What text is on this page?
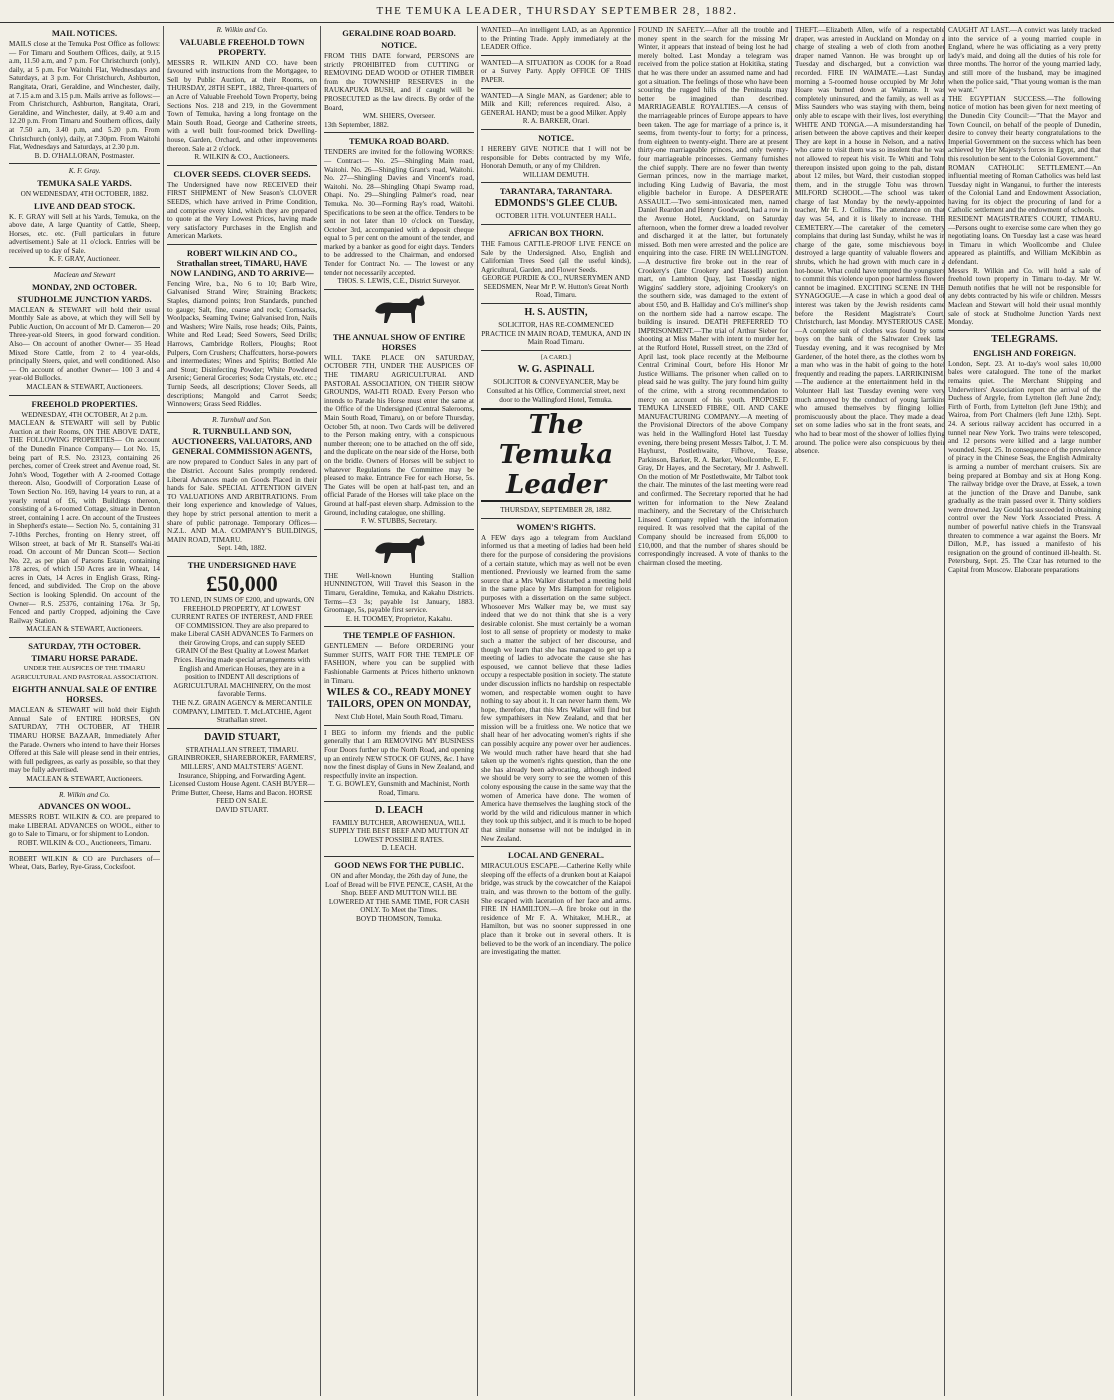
THE TEMUKA LEADER, THURSDAY SEPTEMBER 28, 1882.
MAIL NOTICES.
MAILS close at the Temuka Post Office as follows:— For Timaru and Southern Offices, daily, at 9.15 a.m, 11.50 a.m, and 7 p.m. For Christchurch (only), daily, at 5 p.m. For Waitohi Flat, Wednesdays and Saturdays, at 3 p.m. For Christchurch, Ashburton, Rangitata, Orari, Geraldine, and Winchester, daily, at 7.15 a.m and 3.15 p.m. Mails arrive as follows:— From Christchurch, Ashburton, Rangitata, Orari, Geraldine, and Winchester, daily, at 9.40 a.m and 12.20 p.m. From Timaru and Southern offices, daily at 7.50 a.m, 3.40 p.m, and 5.20 p.m. From Christchurch (only), daily, at 7.30pm. From Waitohi Flat, Wednesdays and Saturdays, at 2.30 p.m.
B. D. O'HALLORAN, Postmaster.
K. F. Gray.
TEMUKA SALE YARDS.
ON WEDNESDAY, 4TH OCTOBER, 1882.
LIVE AND DEAD STOCK.
K. F. GRAY will Sell at his Yards, Temuka, on the above date, A large Quantity of Cattle, Sheep, Horses, etc. etc. (Full particulars in future advertisement.) Sale at 11 o'clock. Entries will be received up to day of Sale.
K. F. GRAY, Auctioneer.
Maclean and Stewart
MONDAY, 2ND OCTOBER.
STUDHOLME JUNCTION YARDS.
MACLEAN & STEWART will hold their usual Monthly Sale as above, at which they will Sell by Public Auction, On account of Mr D. Cameron— 20 Three-year-old Steers, in good forward condition. Also— On account of another Owner— 35 Head Mixed Store Cattle, from 2 to 4 year-olds, principally Steers, quiet, and well conditioned. Also— On account of another Owner— 100 3 and 4 year-old Bullocks.
MACLEAN & STEWART, Auctioneers.
FREEHOLD PROPERTIES.
WEDNESDAY, 4TH OCTOBER, At 2 p.m.
MACLEAN & STEWART will sell by Public Auction at their Rooms, ON THE ABOVE DATE, THE FOLLOWING PROPERTIES— On account of the Dunedin Finance Company— Lot No. 15, being part of R.S. No. 23123, containing 26 perches, corner of Creek street and Avenue road, St. John's Wood, Together with A 2-roomed Cottage thereon. Also, Goodwill of Corporation Lease of Town Section No. 169, having 14 years to run, at a yearly rental of £6, with Buildings thereon, consisting of a 6-roomed Cottage, situate in Denton street, containing 1 acre. On account of the Trustees in Shepherd's estate— Section No. 5, containing 31 7-10ths Perches, fronting on Henry street, off Wilson street, at back of Mr R. Stansell's Wai-iti road. On account of Mr Duncan Scott— Section No. 22, as per plan of Parsons Estate, containing 178 acres, of which 150 Acres are in Wheat, 14 acres in Oats, 14 Acres in English Grass, Ring-fenced, and subdivided. The Crop on the above Section is looking Splendid. On account of the Owner— R.S. 25376, containing 176a. 3r 5p, Fenced and partly Cropped, adjoining the Cave Railway Station.
MACLEAN & STEWART, Auctioneers.
SATURDAY, 7TH OCTOBER.
TIMARU HORSE PARADE.
UNDER THE AUSPICES OF THE TIMARU AGRICULTURAL AND PASTORAL ASSOCIATION.
EIGHTH ANNUAL SALE OF ENTIRE HORSES.
MACLEAN & STEWART will hold their Eighth Annual Sale of ENTIRE HORSES, ON SATURDAY, 7TH OCTOBER, AT THEIR TIMARU HORSE BAZAAR, Immediately After the Parade. Owners who intend to have their Horses Offered at this Sale will please send in their entries, with full pedigrees, as early as possible, so that they may be fully advertised.
MACLEAN & STEWART, Auctioneers.
R. Wilkin and Co.
ADVANCES ON WOOL.
MESSRS ROBT. WILKIN & CO. are prepared to make LIBERAL ADVANCES on WOOL, either to go to Sale to Timaru, or for shipment to London.
ROBT. WILKIN & CO., Auctioneers, Timaru.
ROBERT WILKIN & CO are Purchasers of— Wheat, Oats, Barley, Rye-Grass, Cocksfoot.
R. Wilkin and Co.
VALUABLE FREEHOLD TOWN PROPERTY.
MESSRS R. WILKIN AND CO. have been favoured with instructions from the Mortgagee, to Sell by Public Auction, at their Rooms, on THURSDAY, 28TH SEPT., 1882, Three-quarters of an Acre of Valuable Freehold Town Property, being Sections Nos. 218 and 219, in the Government Town of Temuka, having a long frontage on the Main South Road, George and Catherine streets, with a well built four-roomed brick Dwelling-house, Garden, Orchard, and other improvements thereon. Sale at 2 o'clock.
R. WILKIN & CO., Auctioneers.
CLOVER SEEDS. CLOVER SEEDS.
The Undersigned have now RECEIVED their FIRST SHIPMENT of New Season's CLOVER SEEDS, which have arrived in Prime Condition, and comprise every kind, which they are prepared to quote at the Very Lowest Prices, having made very satisfactory Purchases in the English and American Markets.
ROBERT WILKIN AND CO., Strathallan street, TIMARU, HAVE NOW LANDING, AND TO ARRIVE—
Fencing Wire, b.a., No 6 to 10; Barb Wire, Galvanised Strand Wire; Straining Brackets; Staples, diamond points; Iron Standards, punched to gauge; Salt, fine, coarse and rock; Cornsacks, Woolpacks, Seaming Twine; Galvanised Iron, Nails and Washers; Wire Nails, rose heads; Oils, Paints, White and Red Lead; Seed Sowers, Seed Drills; Harrows, Cambridge Rollers, Ploughs; Root Pulpers, Corn Crushers; Chaffcutters, horse-powers and intermediates; Wines and Spirits; Bottled Ale and Stout; Disinfecting Powder; White Powdered Arsenic; General Groceries; Soda Crystals, etc. etc.; Turnip Seeds, all descriptions; Clover Seeds, all descriptions; Mangold and Carrot Seeds; Winnowers; Grass Seed Riddles.
R. Turnbull and Son.
R. TURNBULL AND SON, AUCTIONEERS, VALUATORS, AND GENERAL COMMISSION AGENTS,
are now prepared to Conduct Sales in any part of the District. Account Sales promptly rendered. Liberal Advances made on Goods Placed in their hands for Sale. SPECIAL ATTENTION GIVEN TO VALUATIONS AND ARBITRATIONS. From their long experience and knowledge of Values, they hope by strict personal attention to merit a share of public patronage. Temporary Offices— N.Z.L. AND M.A. COMPANY'S BUILDINGS, MAIN ROAD, TIMARU.
Sept. 14th, 1882.
THE UNDERSIGNED HAVE
£50,000
TO LEND, IN SUMS OF £200, and upwards, ON FREEHOLD PROPERTY, AT LOWEST CURRENT RATES OF INTEREST, AND FREE OF COMMISSION. They are also prepared to make Liberal CASH ADVANCES To Farmers on their Growing Crops, and can supply SEED GRAIN Of the Best Quality at Lowest Market Prices. Having made special arrangements with English and American Houses, they are in a position to INDENT All descriptions of AGRICULTURAL MACHINERY, On the most favorable Terms.
THE N.Z. GRAIN AGENCY & MERCANTILE COMPANY, LIMITED. T. McLATCHIE, Agent Strathallan street.
DAVID STUART,
STRATHALLAN STREET, TIMARU. GRAINBROKER, SHAREBROKER, FARMERS', MILLERS', AND MALTSTERS' AGENT. Insurance, Shipping, and Forwarding Agent. Licensed Custom House Agent. CASH BUYER—Prime Butter, Cheese, Hams and Bacon. HORSE FEED ON SALE.
DAVID STUART.
GERALDINE ROAD BOARD.
NOTICE.
FROM THIS DATE forward, PERSONS are strictly PROHIBITED from CUTTING or REMOVING DEAD WOOD or OTHER TIMBER from the TOWNSHIP RESERVES in the RAUKAPUKA BUSH, and if caught will be PROSECUTED as the law directs. By order of the Board,
WM. SHIERS, Overseer.
13th September, 1882.
TEMUKA ROAD BOARD.
TENDERS are invited for the following WORKS:— Contract— No. 25—Shingling Main road, Waitohi. No. 26—Shingling Grant's road, Waitohi. No. 27—Shingling Davies and Vincent's road, Waitohi. No. 28—Shingling Ohapi Swamp road, Ohapi. No. 29—Shingling Palmer's road, near Temuka. No. 30—Forming Ray's road, Waitohi. Specifications to be seen at the office. Tenders to be sent in not later than 10 o'clock on Tuesday, October 3rd, accompanied with a deposit cheque equal to 5 per cent on the amount of the tender, and marked by a banker as good for eight days. Tenders to be addressed to the Chairman, and endorsed Tender for Contract No. — The lowest or any tender not necessarily accepted.
THOS. S. LEWIS, C.E., District Surveyor.
THE ANNUAL SHOW OF ENTIRE HORSES
WILL TAKE PLACE ON SATURDAY, OCTOBER 7TH, UNDER THE AUSPICES OF THE TIMARU AGRICULTURAL AND PASTORAL ASSOCIATION, ON THEIR SHOW GROUNDS, WAI-ITI ROAD. Every Person who intends to Parade his Horse must enter the same at the Office of the Undersigned (Central Salerooms, Main South Road, Timaru), on or before Thursday, October 5th, at noon. Two Cards will be delivered to the Person making entry, with a conspicuous number thereon; one to be attached on the off side, and the duplicate on the near side of the Horse, both on the bridle. Owners of Horses will be subject to whatever Regulations the Committee may be pleased to make. Entrance Fee for each Horse, 5s. The Gates will be open at half-past ten, and an official Parade of the Horses will take place on the Ground at half-past eleven sharp. Admission to the Ground, including catalogue, one shilling.
F. W. STUBBS, Secretary.
THE Well-known Hunting Stallion HUNNINGTON, Will Travel this Season in the Timaru, Geraldine, Temuka, and Kakahu Districts. Terms—£3 3s; payable 1st January, 1883. Groomage, 5s, payable first service.
E. H. TOOMEY, Proprietor, Kakahu.
THE TEMPLE OF FASHION.
GENTLEMEN — Before ORDERING your Summer SUITS, WAIT FOR THE TEMPLE OF FASHION, where you can be supplied with Fashionable Garments at Prices hitherto unknown in Timaru.
WILES & CO., READY MONEY TAILORS, OPEN ON MONDAY,
Next Club Hotel, Main South Road, Timaru.
I BEG to inform my friends and the public generally that I am REMOVING MY BUSINESS Four Doors further up the North Road, and opening up an entirely NEW STOCK OF GUNS, &c. I have now the finest display of Guns in New Zealand, and respectfully invite an inspection.
T. G. BOWLEY, Gunsmith and Machinist, North Road, Timaru.
D. LEACH
FAMILY BUTCHER, AROWHENUA, WILL SUPPLY THE BEST BEEF AND MUTTON AT LOWEST POSSIBLE RATES.
D. LEACH.
GOOD NEWS FOR THE PUBLIC.
ON and after Monday, the 26th day of June, the Loaf of Bread will be FIVE PENCE, CASH, At the Shop. BEEF AND MUTTON WILL BE LOWERED AT THE SAME TIME, FOR CASH ONLY. To Meet the Times.
BOYD THOMSON, Temuka.
WANTED—An intelligent LAD, as an Apprentice to the Printing Trade. Apply immediately at the LEADER Office.
WANTED—A SITUATION as COOK for a Road or a Survey Party. Apply OFFICE OF THIS PAPER.
WANTED—A Single MAN, as Gardener; able to Milk and Kill; references required. Also, a GENERAL HAND; must be a good Milker. Apply
R. A. BARKER, Orari.
NOTICE.
I HEREBY GIVE NOTICE that I will not be responsible for Debts contracted by my Wife, Honorah Demuth, or any of my Children.
WILLIAM DEMUTH.
TARANTARA, TARANTARA.
EDMONDS'S GLEE CLUB.
OCTOBER 11TH. VOLUNTEER HALL.
AFRICAN BOX THORN.
THE Famous CATTLE-PROOF LIVE FENCE on Sale by the Undersigned. Also, English and Californian Trees Seed (all the useful kinds), Agricultural, Garden, and Flower Seeds.
GEORGE PURDIE & CO., NURSERYMEN AND SEEDSMEN, Near Mr P. W. Hutton's Great North Road, Timaru.
H. S. AUSTIN,
SOLICITOR, HAS RE-COMMENCED PRACTICE IN MAIN ROAD, TEMUKA, AND IN Main Road Timaru.
[A CARD.]
W. G. ASPINALL
SOLICITOR & CONVEYANCER, May be Consulted at his Office, Commercial street, next door to the Wallingford Hotel, Temuka.
The Temuka Leader
THURSDAY, SEPTEMBER 28, 1882.
WOMEN'S RIGHTS.
A FEW days ago a telegram from Auckland informed us that a meeting of ladies had been held there for the purpose of considering the provisions of a certain statute, which may as well not be even mentioned. Previously we learned from the same source that a Mrs Walker disturbed a meeting held in the same place by Mrs Hampton for religious purposes with a dissertation on the same subject. Whosoever Mrs Walker may be, we must say indeed that we do not think that she is a very desirable colonist. She must certainly be a woman lost to all sense of propriety or modesty to make such a matter the subject of her discourse, and though we learn that she has managed to get up a meeting of ladies to advocate the cause she has espoused, we cannot believe that these ladies occupy a respectable position in society. The statute under discussion inflicts no hardship on respectable women, and respectable women ought to have nothing to say about it. It can never harm them. We hope, therefore, that this Mrs Walker will find but few sympathisers in New Zealand, and that her mission will be a fruitless one. We notice that we shall hear of her advocating women's rights if she can possibly acquire any power over her audiences. We would much rather have heard that she had taken up the women's rights question, than the one she has already been advocating, although indeed we should be very sorry to see the women of this colony espousing the cause in the same way that the women of America have done. The women of America have themselves the laughing stock of the world by the wild and ridiculous manner in which they took up this subject, and it is much to be hoped that similar nonsense will not be indulged in in New Zealand.
LOCAL AND GENERAL.
MIRACULOUS ESCAPE.—Catherine Kelly while sleeping off the effects of a drunken bout at Kaiapoi bridge, was struck by the cowcatcher of the Kaiapoi train, and was thrown to the bottom of the gully. She escaped with laceration of her face and arms. FIRE IN HAMILTON.—A fire broke out in the residence of Mr F. A. Whitaker, M.H.R., at Hamilton, but was no sooner suppressed in one place than it broke out in several others. It is believed to be the work of an incendiary. The police are investigating the matter.
FOUND IN SAFETY.—After all the trouble and money spent in the search for the missing Mr Winter, it appears that instead of being lost he had merely bolted. Last Monday a telegram was received from the police station at Hokitika, stating that he was there under an assumed name and had got a situation. The feelings of those who have been scouring the rugged hills of the Peninsula may better be imagined than described. MARRIAGEABLE ROYALTIES.—A census of the marriageable princes of Europe appears to have been taken. The age for marriage of a prince is, it seems, from twenty-four to forty; for a princess, from eighteen to twenty-eight. There are at present thirty-one marriageable princes, and only twenty-four marriageable princesses. Germany furnishes the chief supply. There are no fewer than twenty German princes, now in the marriage market, including King Ludwig of Bavaria, the most eligible bachelor in Europe. A DESPERATE ASSAULT.—Two semi-intoxicated men, named Daniel Reardon and Henry Goodward, had a row in the Avenue Hotel, Auckland, on Saturday afternoon, when the former drew a loaded revolver and discharged it at the latter, but fortunately missed. Both men were arrested and the police are enquiring into the case. FIRE IN WELLINGTON.—A destructive fire broke out in the rear of Crookery's (late Crookery and Hassell) auction mart, on Lambton Quay, last Tuesday night. Wiggins' saddlery store, adjoining Crookery's on the southern side, was damaged to the extent of about £50, and B. Halliday and Co's milliner's shop on the northern side had a narrow escape. The building is insured. DEATH PREFERRED TO IMPRISONMENT.—The trial of Arthur Sieber for shooting at Miss Maher with intent to murder her, at the Rutford Hotel, Russell street, on the 23rd of April last, took place recently at the Melbourne Central Criminal Court, before His Honor Mr Justice Williams. The prisoner when called on to plead said he was guilty. The jury found him guilty of the crime, with a strong recommendation to mercy on account of his youth. PROPOSED TEMUKA LINSEED FIBRE, OIL AND CAKE MANUFACTURING COMPANY.—A meeting of the Provisional Directors of the above Company was held in the Wallingford Hotel last Tuesday evening, there being present Messrs Talbot, J. T. M. Hayhurst, Postlethwaite, Fifhove, Teasse, Parkinson, Barker, R. A. Barker, Woollcombe, E. F. Gray, Dr Hayes, and the Secretary, Mr J. Ashwell. On the motion of Mr Postlethwaite, Mr Talbot took the chair. The minutes of the last meeting were read and confirmed. The Secretary reported that he had written for information to the New Zealand machinery, and the Secretary of the Christchurch Linseed Company replied with the information required. It was resolved that the capital of the Company should be increased from £6,000 to £10,000, and that the number of shares should be correspondingly increased. A vote of thanks to the chairman closed the meeting.
THEFT.—Elizabeth Allen, wife of a respectable draper, was arrested in Auckland on Monday on a charge of stealing a web of cloth from another draper named Vannon. He was brought up on Tuesday and discharged, but a conviction was recorded. FIRE IN WAIMATE.—Last Sunday morning a 5-roomed house occupied by Mr John Hoare was burned down at Waimate. It was completely uninsured, and the family, as well as a Miss Saunders who was staying with them, being only able to escape with their lives, lost everything. WHITE AND TONGA.—A misunderstanding has arisen between the above captives and their keeper. They are kept in a house in Nelson, and a native who came to visit them was so insolent that he was not allowed to repeat his visit. Te Whiti and Tohu thereupon insisted upon going to the pah, distant about 12 miles, but Ward, their custodian stopped them, and in the struggle Tohu was thrown. MILFORD SCHOOL.—The school was taken charge of last Monday by the newly-appointed teacher, Mr E. J. Collins. The attendance on that day was 54, and it is likely to increase. THE CEMETERY.—The caretaker of the cemetery complains that during last Sunday, whilst he was in charge of the gate, some mischievous boys destroyed a large quantity of valuable flowers and shrubs, which he had grown with much care in a hot-house. What could have tempted the youngsters to commit this violence upon poor harmless flowers cannot be imagined. EXCITING SCENE IN THE SYNAGOGUE.—A case in which a good deal of interest was taken by the Jewish residents came before the Resident Magistrate's Court, Christchurch, last Monday. MYSTERIOUS CASE.—A complete suit of clothes was found by some boys on the bank of the Saltwater Creek last Tuesday evening, and it was recognised by Mrs Gardener, of the hotel there, as the clothes worn by a man who was in the habit of going to the hotel frequently and reading the papers. LARRIKINISM.—The audience at the entertainment held in the Volunteer Hall last Tuesday evening were very much annoyed by the conduct of young larrikins who amused themselves by flinging lollies promiscuously about the place. They made a dead set on some ladies who sat in the front seats, and who had to bear most of the shower of lollies flying around. The police were also conspicuous by their absence.
CAUGHT AT LAST.—A convict was lately tracked into the service of a young married couple in England, where he was officiating as a very pretty lady's maid, and doing all the duties of his role for three months. The horror of the young married lady, and still more of the husband, may be imagined when the police said, "That young woman is the man we want."
THE EGYPTIAN SUCCESS.—The following notice of motion has been given for next meeting of the Dunedin City Council:—"That the Mayor and Town Council, on behalf of the people of Dunedin, desire to convey their hearty congratulations to the Imperial Government on the success which has been achieved by Her Majesty's forces in Egypt, and that this resolution be sent to the Colonial Government."
ROMAN CATHOLIC SETTLEMENT.—An influential meeting of Roman Catholics was held last Tuesday night in Wanganui, to further the interests of the Colonial Land and Endowment Association, having for its object the procuring of land for a Catholic settlement and the endowment of schools.
RESIDENT MAGISTRATE'S COURT, TIMARU.—Persons ought to exercise some care when they go negotiating loans. On Tuesday last a case was heard in Timaru in which Woollcombe and Clulee appeared as plaintiffs, and William McKibbin as defendant.
Messrs R. Wilkin and Co. will hold a sale of freehold town property in Timaru to-day. Mr W. Demuth notifies that he will not be responsible for any debts contracted by his wife or children. Messrs Maclean and Stewart will hold their usual monthly sale of stock at Studholme Junction Yards next Monday.
TELEGRAMS.
ENGLISH AND FOREIGN.
London, Sept. 23. At to-day's wool sales 10,000 bales were catalogued. The tone of the market remains quiet. The Merchant Shipping and Underwriters' Association report the arrival of the Duchess of Argyle, from Lyttelton (left June 2nd); Firth of Forth, from Lyttelton (left June 19th); and Wairoa, from Port Chalmers (left June 12th). Sept. 24. A serious railway accident has occurred in a tunnel near New York. Two trains were telescoped, and 12 persons were killed and a large number wounded. Sept. 25. In consequence of the prevalence of piracy in the Chinese Seas, the English Admiralty is arming a number of merchant cruisers. Six are being prepared at Bombay and six at Hong Kong. The railway bridge over the Drave, at Essek, a town at the junction of the Drave and Danube, sank gradually as the train passed over it. Thirty soldiers were drowned. Jay Gould has succeeded in obtaining control over the New York Associated Press. A number of powerful native chiefs in the Transvaal threaten to commence a war against the Boers. Mr Dillon, M.P., has issued a manifesto of his resignation on the ground of continued ill-health. St. Petersburg, Sept. 25. The Czar has returned to the Capital from Moscow. Elaborate preparations
